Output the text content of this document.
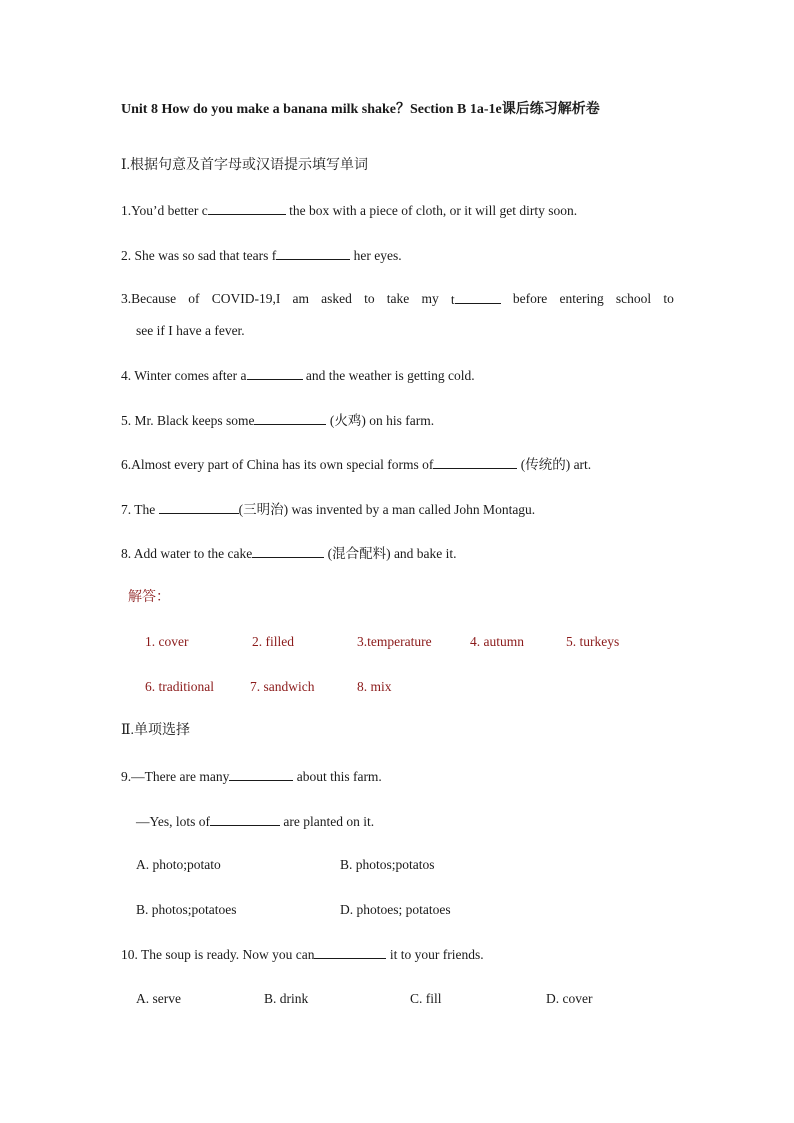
Unit 8 How do you make a banana milk shake？Section B 1a-1e课后练习解析卷
Ⅰ.根据句意及首字母或汉语提示填写单词
1.You’d better c	the box with a piece of cloth, or it will get dirty soon.
2. She was so sad that tears f	her eyes.
3.Because of COVID-19,I am asked to take my t	before entering school to
see if I have a fever.
4. Winter comes after a	and the weather is getting cold.
5. Mr. Black keeps some	(火鸡) on his farm.
6.Almost every part of China has its own special forms of	(传统的) art.
7. The	(三明治) was invented by a man called John Montagu.
8. Add water to the cake	(混合配料) and bake it.
解答：
1. cover	2. filled	3.temperature	4. autumn	5. turkeys
6. traditional	7. sandwich	8. mix
Ⅱ.单项选择
9.—There are many	about this farm.
—Yes, lots of	are planted on it.
A. photo;potato	B. photos;potatos
B. photos;potatoes	D. photoes; potatoes
10. The soup is ready. Now you can	it to your friends.
A. serve	B. drink	C. fill	D. cover
